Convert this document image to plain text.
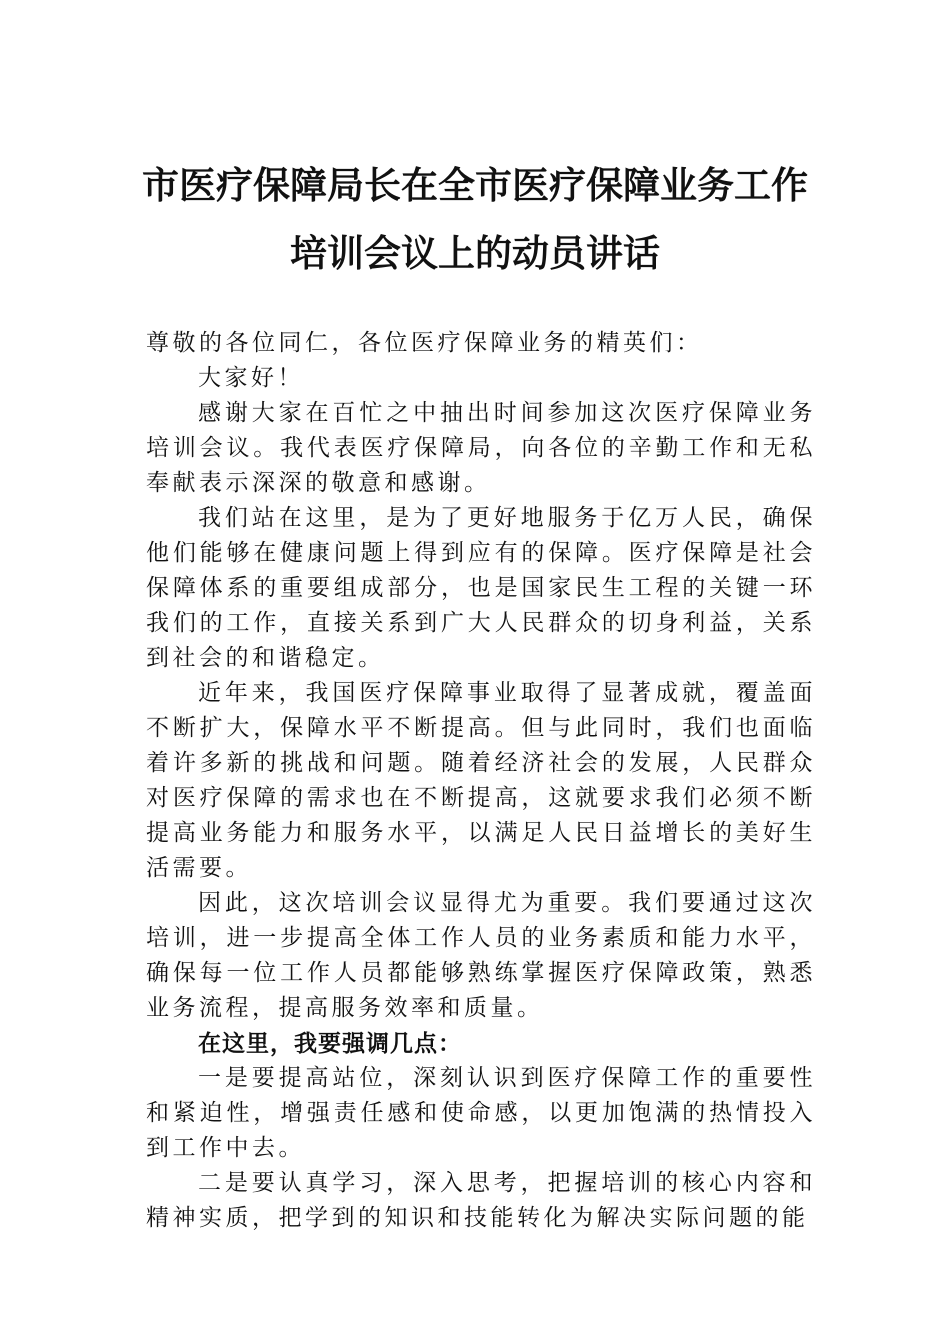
市医疗保障局长在全市医疗保障业务工作
培训会议上的动员讲话

尊敬的各位同仁，各位医疗保障业务的精英们：

大家好！

感谢大家在百忙之中抽出时间参加这次医疗保障业务培训会议。我代表医疗保障局，向各位的辛勤工作和无私奉献表示深深的敬意和感谢。

我们站在这里，是为了更好地服务于亿万人民，确保他们能够在健康问题上得到应有的保障。医疗保障是社会保障体系的重要组成部分，也是国家民生工程的关键一环我们的工作，直接关系到广大人民群众的切身利益，关系到社会的和谐稳定。

近年来，我国医疗保障事业取得了显著成就，覆盖面不断扩大，保障水平不断提高。但与此同时，我们也面临着许多新的挑战和问题。随着经济社会的发展，人民群众对医疗保障的需求也在不断提高，这就要求我们必须不断提高业务能力和服务水平，以满足人民日益增长的美好生活需要。

因此，这次培训会议显得尤为重要。我们要通过这次培训，进一步提高全体工作人员的业务素质和能力水平，确保每一位工作人员都能够熟练掌握医疗保障政策，熟悉业务流程，提高服务效率和质量。

在这里，我要强调几点：

一是要提高站位，深刻认识到医疗保障工作的重要性和紧迫性，增强责任感和使命感，以更加饱满的热情投入到工作中去。

二是要认真学习，深入思考，把握培训的核心内容和精神实质，把学到的知识和技能转化为解决实际问题的能
